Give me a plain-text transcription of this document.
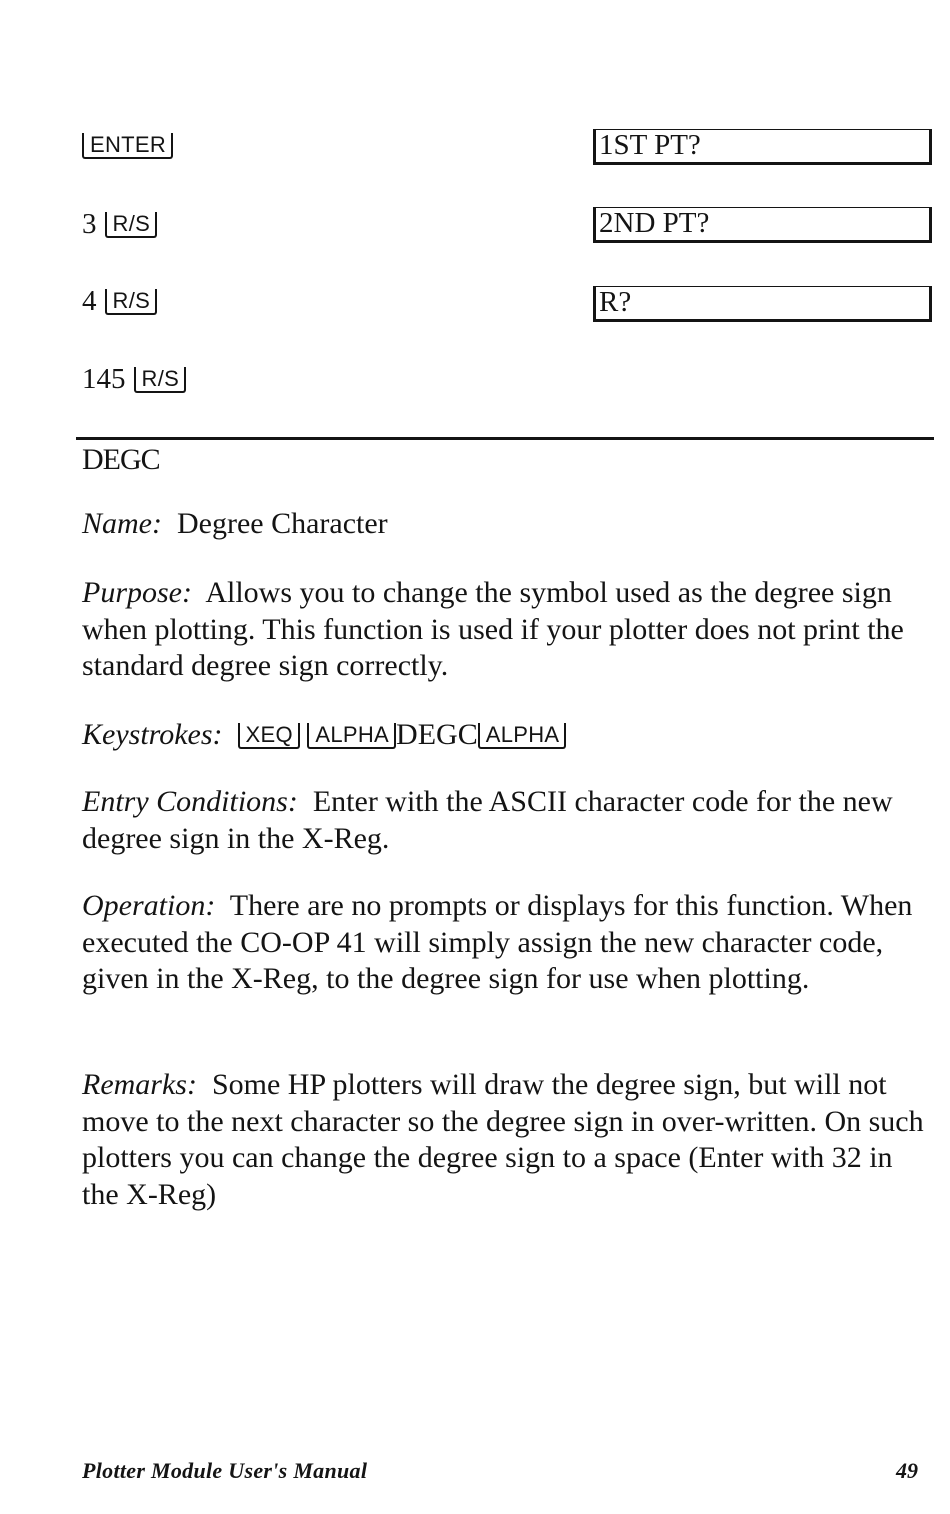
ENTER	1ST PT?
3 R/S	2ND PT?
4 R/S	R?
145 R/S
DEGC

Name: Degree Character

Purpose: Allows you to change the symbol used as the degree sign when plotting. This function is used if your plotter does not print the standard degree sign correctly.

Keystrokes: XEQ ALPHA DEGC ALPHA

Entry Conditions: Enter with the ASCII character code for the new degree sign in the X-Reg.

Operation: There are no prompts or displays for this function. When executed the CO-OP 41 will simply assign the new character code, given in the X-Reg, to the degree sign for use when plotting.

Remarks: Some HP plotters will draw the degree sign, but will not move to the next character so the degree sign in over-written. On such plotters you can change the degree sign to a space (Enter with 32 in the X-Reg)

Plotter Module User's Manual	49
